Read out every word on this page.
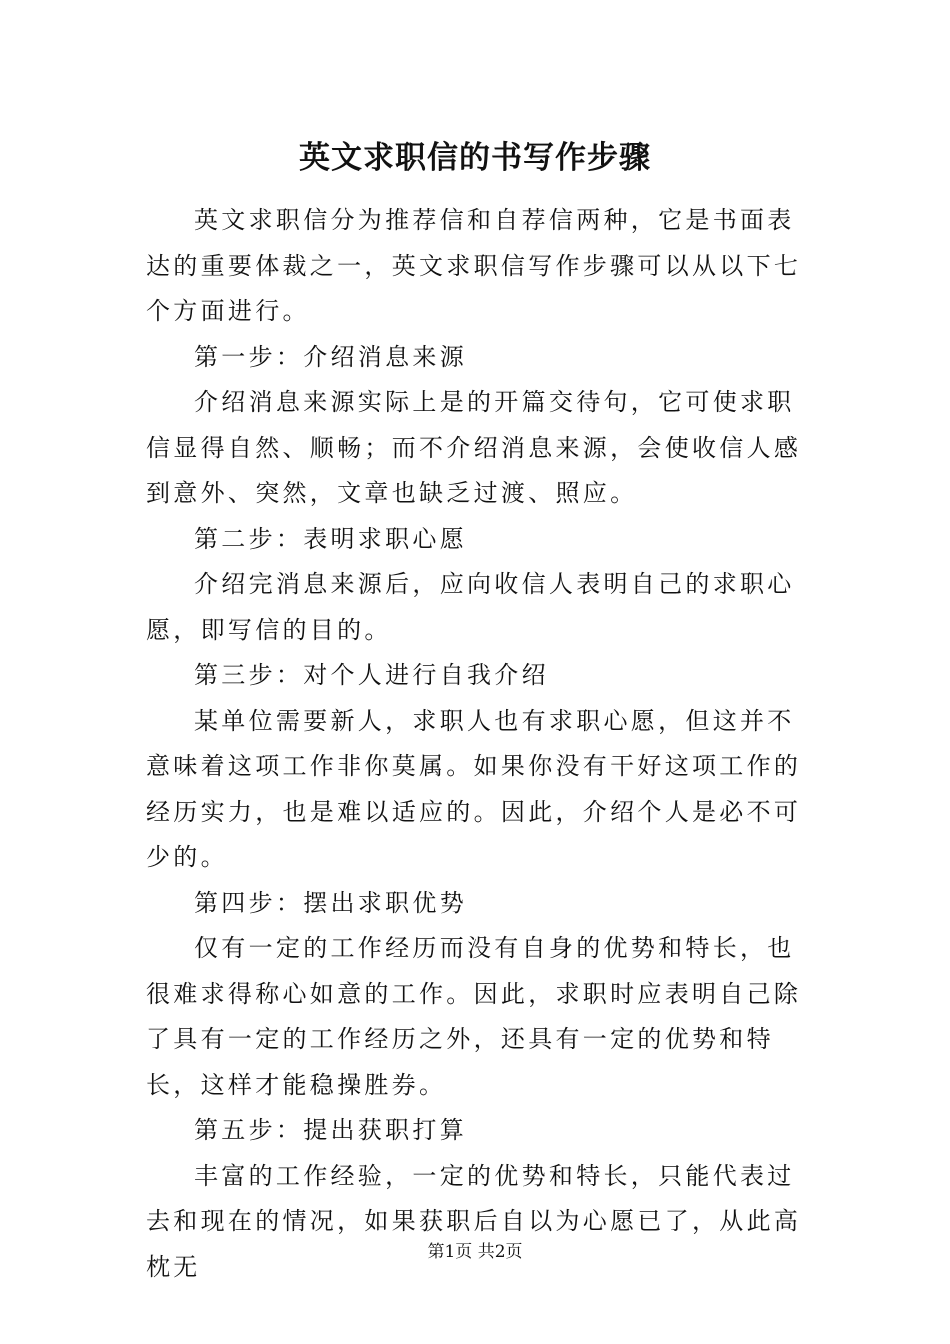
英文求职信的书写作步骤

英文求职信分为推荐信和自荐信两种，它是书面表达的重要体裁之一，英文求职信写作步骤可以从以下七个方面进行。

第一步：介绍消息来源

介绍消息来源实际上是的开篇交待句，它可使求职信显得自然、顺畅；而不介绍消息来源，会使收信人感到意外、突然，文章也缺乏过渡、照应。

第二步：表明求职心愿

介绍完消息来源后，应向收信人表明自己的求职心愿，即写信的目的。

第三步：对个人进行自我介绍

某单位需要新人，求职人也有求职心愿，但这并不意味着这项工作非你莫属。如果你没有干好这项工作的经历实力，也是难以适应的。因此，介绍个人是必不可少的。

第四步：摆出求职优势

仅有一定的工作经历而没有自身的优势和特长，也很难求得称心如意的工作。因此，求职时应表明自己除了具有一定的工作经历之外，还具有一定的优势和特长，这样才能稳操胜券。

第五步：提出获职打算

丰富的工作经验，一定的优势和特长，只能代表过去和现在的情况，如果获职后自以为心愿已了，从此高枕无

第1页 共2页
